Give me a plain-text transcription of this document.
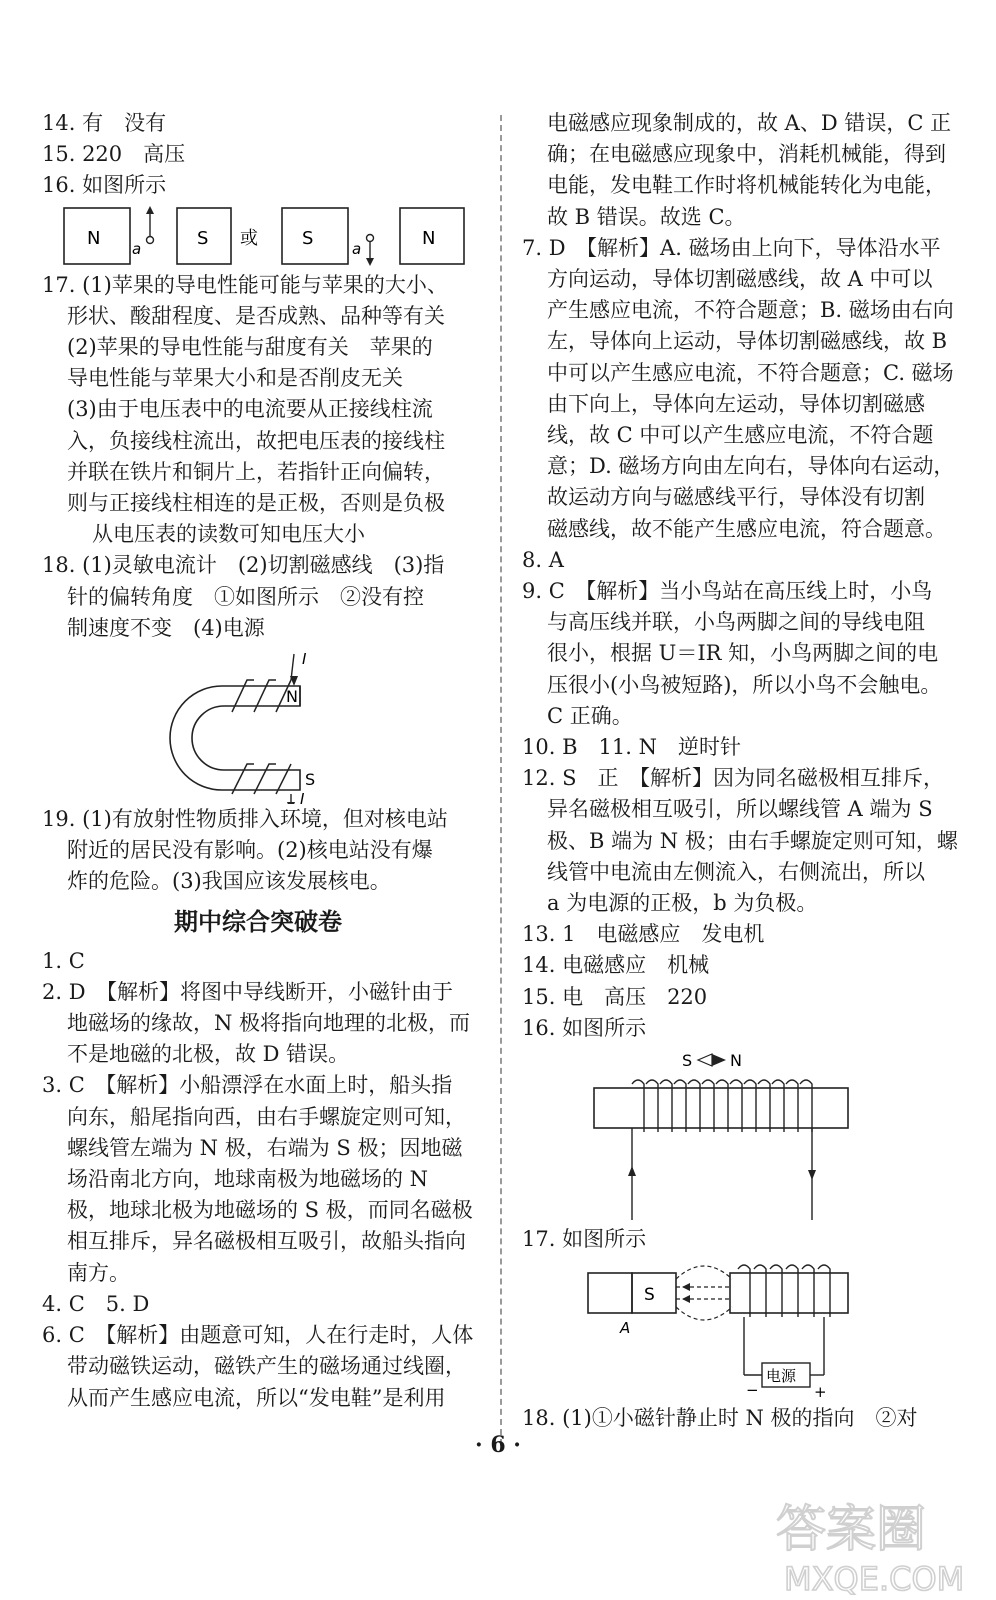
14. 有　没有
15. 220　高压
16. 如图所示
N a	S 或 S	a	N
17. (1)苹果的导电性能可能与苹果的大小、
形状、酸甜程度、是否成熟、品种等有关
(2)苹果的导电性能与甜度有关　苹果的
导电性能与苹果大小和是否削皮无关
(3)由于电压表中的电流要从正接线柱流
入，负接线柱流出，故把电压表的接线柱
并联在铁片和铜片上，若指针正向偏转，
则与正接线柱相连的是正极，否则是负极
从电压表的读数可知电压大小
18. (1)灵敏电流计　(2)切割磁感线　(3)指
针的偏转角度　①如图所示　②没有控
制速度不变　(4)电源
I
N
S
I
19. (1)有放射性物质排入环境，但对核电站
附近的居民没有影响。(2)核电站没有爆
炸的危险。(3)我国应该发展核电。
期中综合突破卷
1. C
2. D　【解析】将图中导线断开，小磁针由于
地磁场的缘故，N 极将指向地理的北极，而
不是地磁的北极，故 D 错误。
3. C　【解析】小船漂浮在水面上时，船头指
向东，船尾指向西，由右手螺旋定则可知，
螺线管左端为 N 极，右端为 S 极；因地磁
场沿南北方向，地球南极为地磁场的 N
极，地球北极为地磁场的 S 极，而同名磁极
相互排斥，异名磁极相互吸引，故船头指向
南方。
4. C　5. D
6. C　【解析】由题意可知，人在行走时，人体
带动磁铁运动，磁铁产生的磁场通过线圈，
从而产生感应电流，所以“发电鞋”是利用
电磁感应现象制成的，故 A、D 错误，C 正
确；在电磁感应现象中，消耗机械能，得到
电能，发电鞋工作时将机械能转化为电能，
故 B 错误。故选 C。
7. D　【解析】A. 磁场由上向下，导体沿水平
方向运动，导体切割磁感线，故 A 中可以
产生感应电流，不符合题意；B. 磁场由右向
左，导体向上运动，导体切割磁感线，故 B
中可以产生感应电流，不符合题意；C. 磁场
由下向上，导体向左运动，导体切割磁感
线，故 C 中可以产生感应电流，不符合题
意；D. 磁场方向由左向右，导体向右运动，
故运动方向与磁感线平行，导体没有切割
磁感线，故不能产生感应电流，符合题意。
8. A
9. C　【解析】当小鸟站在高压线上时，小鸟
与高压线并联，小鸟两脚之间的导线电阻
很小，根据 U＝IR 知，小鸟两脚之间的电
压很小(小鸟被短路)，所以小鸟不会触电。
C 正确。
10. B　11. N　逆时针
12. S　正　【解析】因为同名磁极相互排斥，
异名磁极相互吸引，所以螺线管 A 端为 S
极、B 端为 N 极；由右手螺旋定则可知，螺
线管中电流由左侧流入，右侧流出，所以
a 为电源的正极，b 为负极。
13. 1　电磁感应　发电机
14. 电磁感应　机械
15. 电　高压　220
16. 如图所示
S N
17. 如图所示
S
A
电源
−	+
18. (1)①小磁针静止时 N 极的指向　②对
· 6 ·
答案圈
MXQE.COM
